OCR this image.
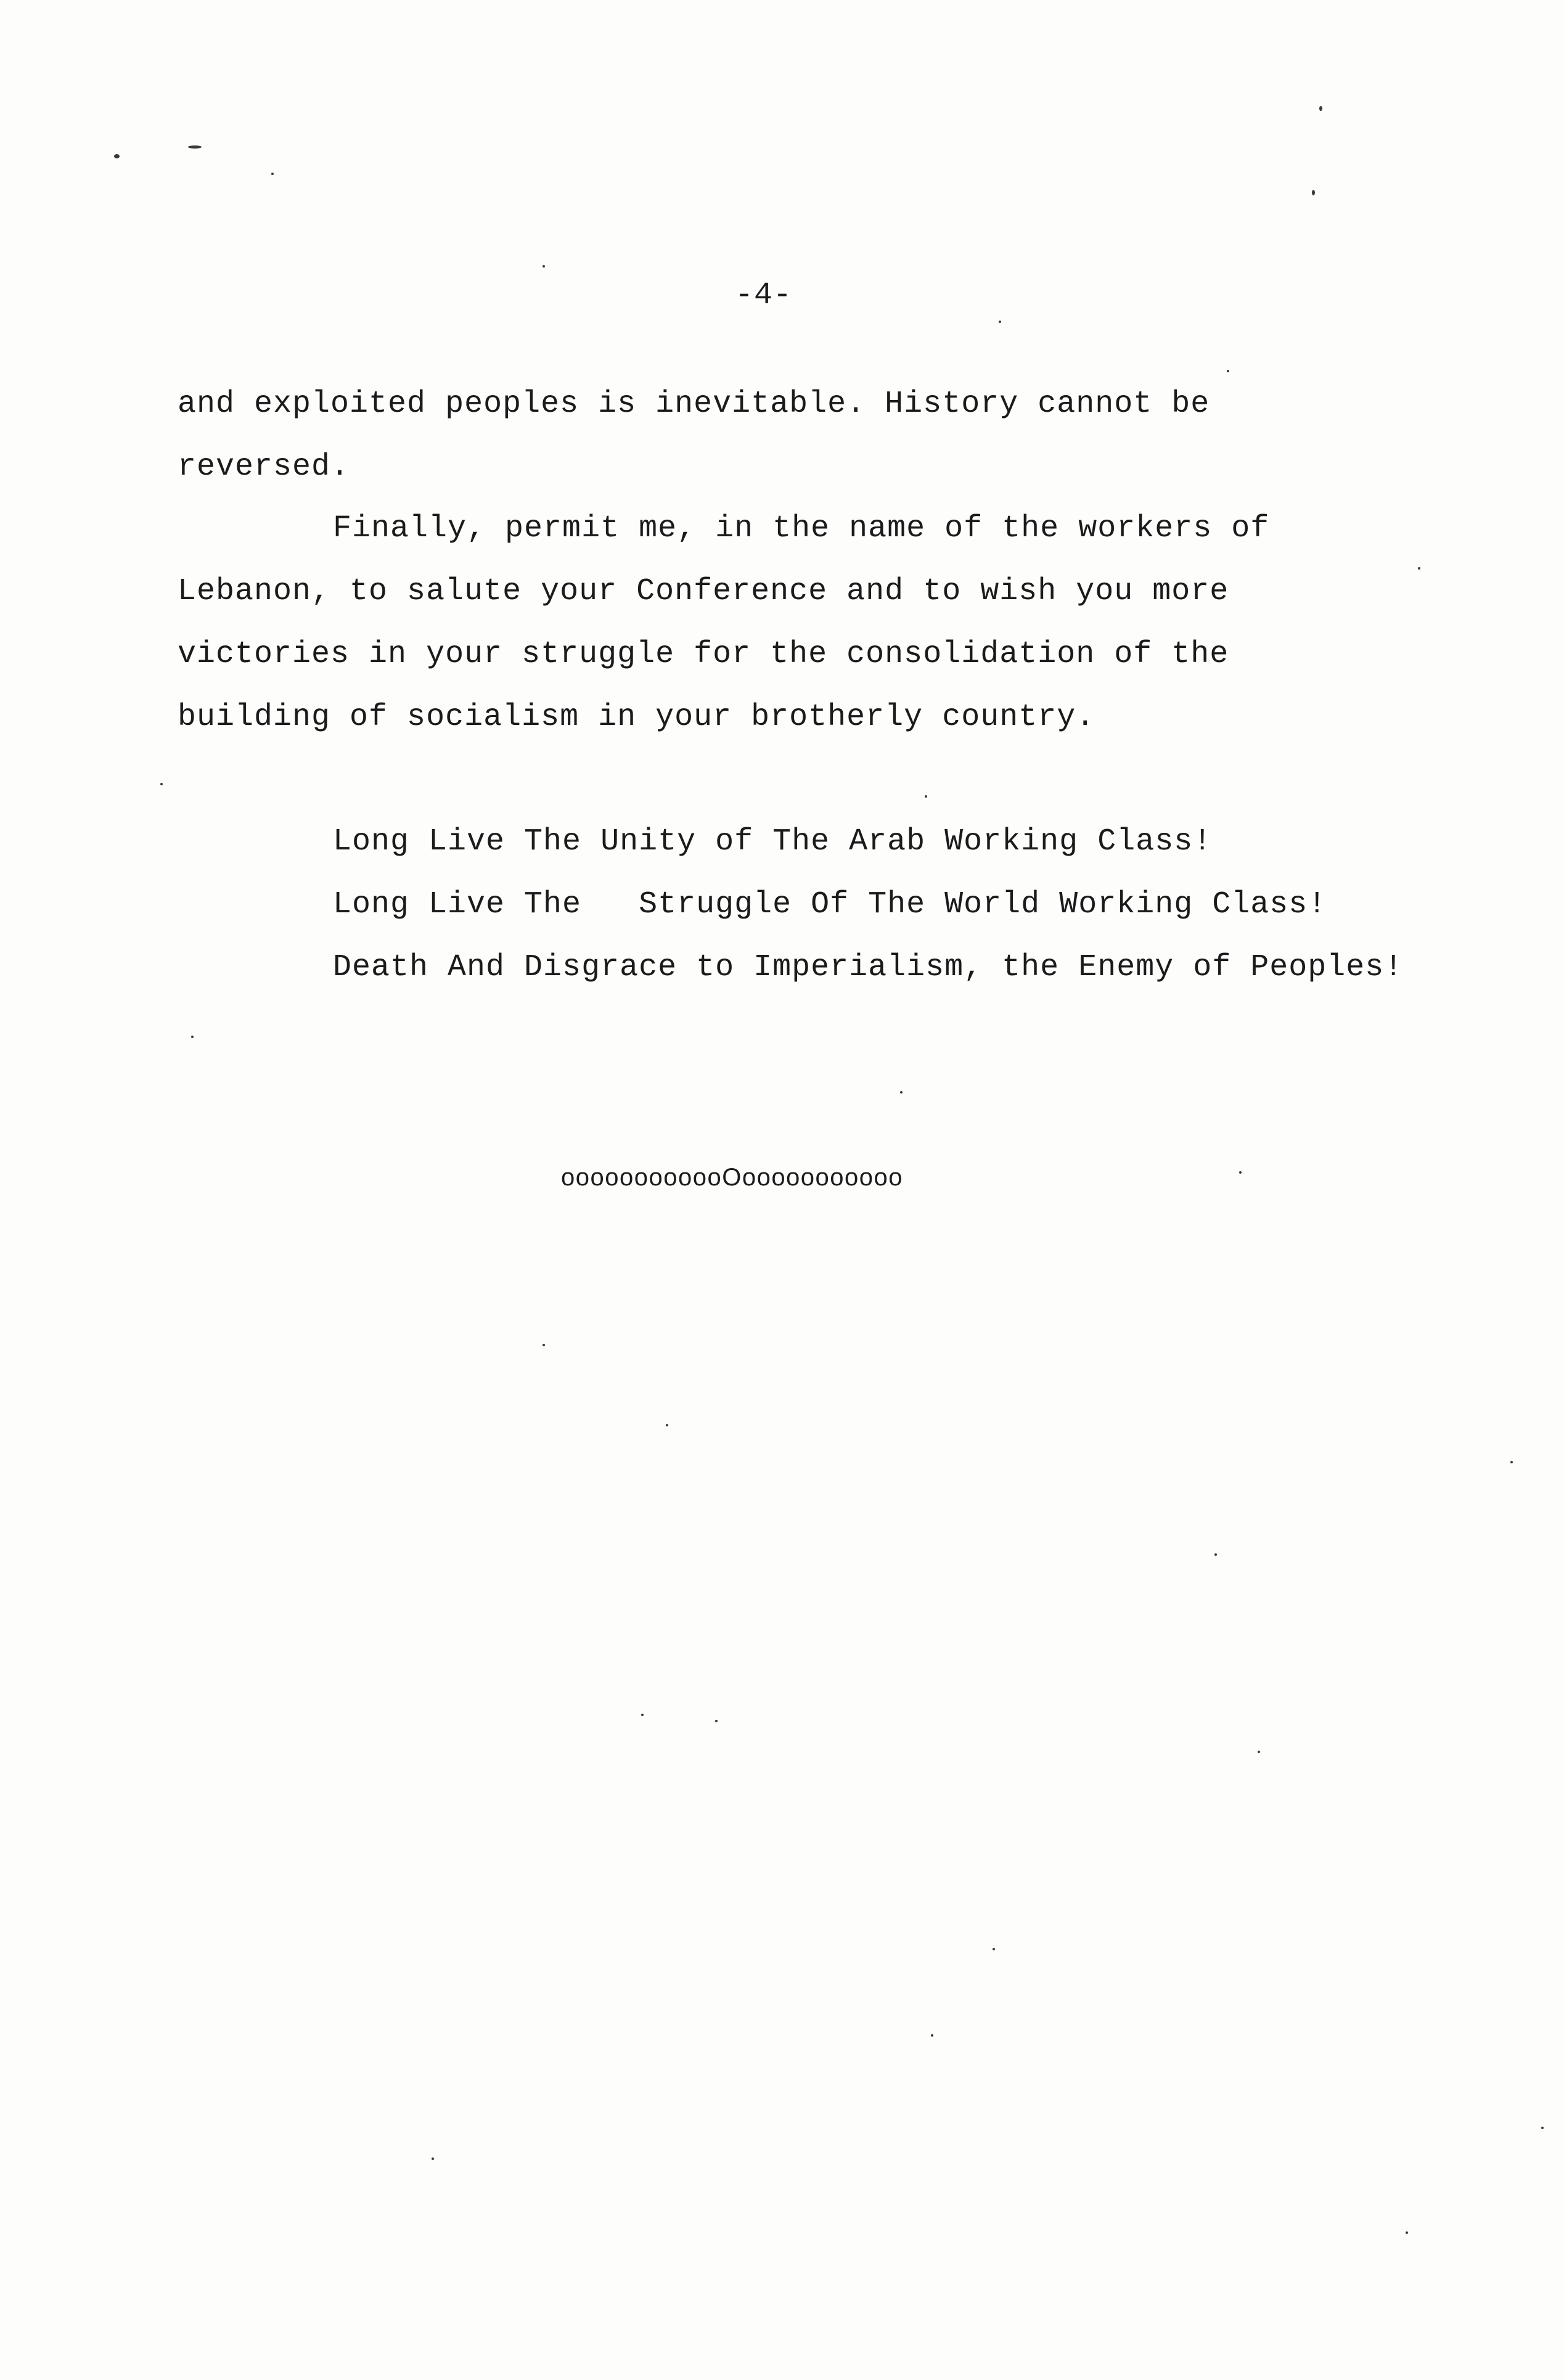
-4-
and exploited peoples is inevitable. History cannot be
reversed.
Finally, permit me, in the name of the workers of
Lebanon, to salute your Conference and to wish you more
victories in your struggle for the consolidation of the
building of socialism in your brotherly country.
Long Live The Unity of The Arab Working Class!
Long Live The   Struggle Of The World Working Class!
Death And Disgrace to Imperialism, the Enemy of Peoples!
oooooooooooOooooooooooo
